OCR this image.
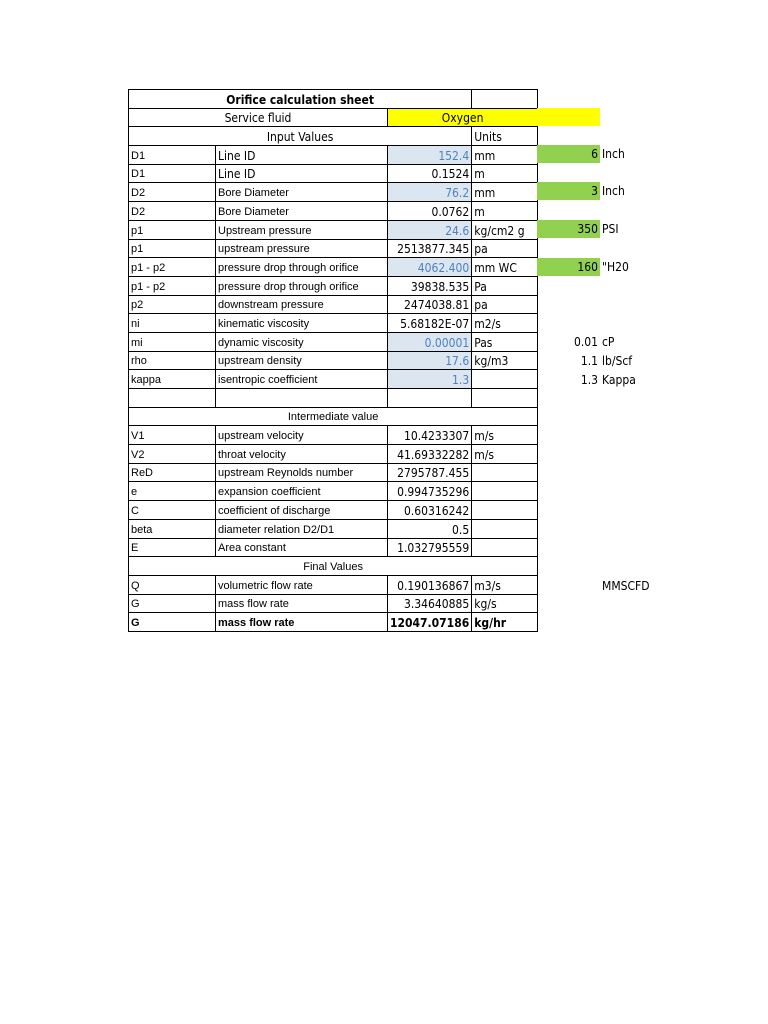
Orifice calculation sheet			
Service fluid		Oxygen	
Input Values			Units
D1	Line ID	152.4	mm
D1	Line ID	0.1524	m
D2	Bore Diameter	76.2	mm
D2	Bore Diameter	0.0762	m
p1	Upstream pressure	24.6	kg/cm2 g
p1	upstream pressure	2513877.345	pa
p1 - p2	pressure drop through orifice	4062.400	mm WC
p1 - p2	pressure drop through orifice	39838.535	Pa
p2	downstream pressure	2474038.81	pa
ni	kinematic viscosity	5.68182E-07	m2/s
mi	dynamic viscosity	0.00001	Pas
rho	upstream density	17.6	kg/m3
kappa	isentropic coefficient	1.3	

Intermediate value			
V1	upstream velocity	10.4233307	m/s
V2	throat velocity	41.69332282	m/s
ReD	upstream Reynolds number	2795787.455	
e	expansion coefficient	0.994735296	
C	coefficient of discharge	0.60316242	
beta	diameter relation D2/D1	0.5	
E	Area constant	1.032795559	
Final Values			
Q	volumetric flow rate	0.190136867	m3/s
G	mass flow rate	3.34640885	kg/s
G	mass flow rate	12047.07186	kg/hr
6 Inch
3 Inch
350 PSI
160 "H20
0.01 cP
1.1 lb/Scf
1.3 Kappa
MMSCFD
